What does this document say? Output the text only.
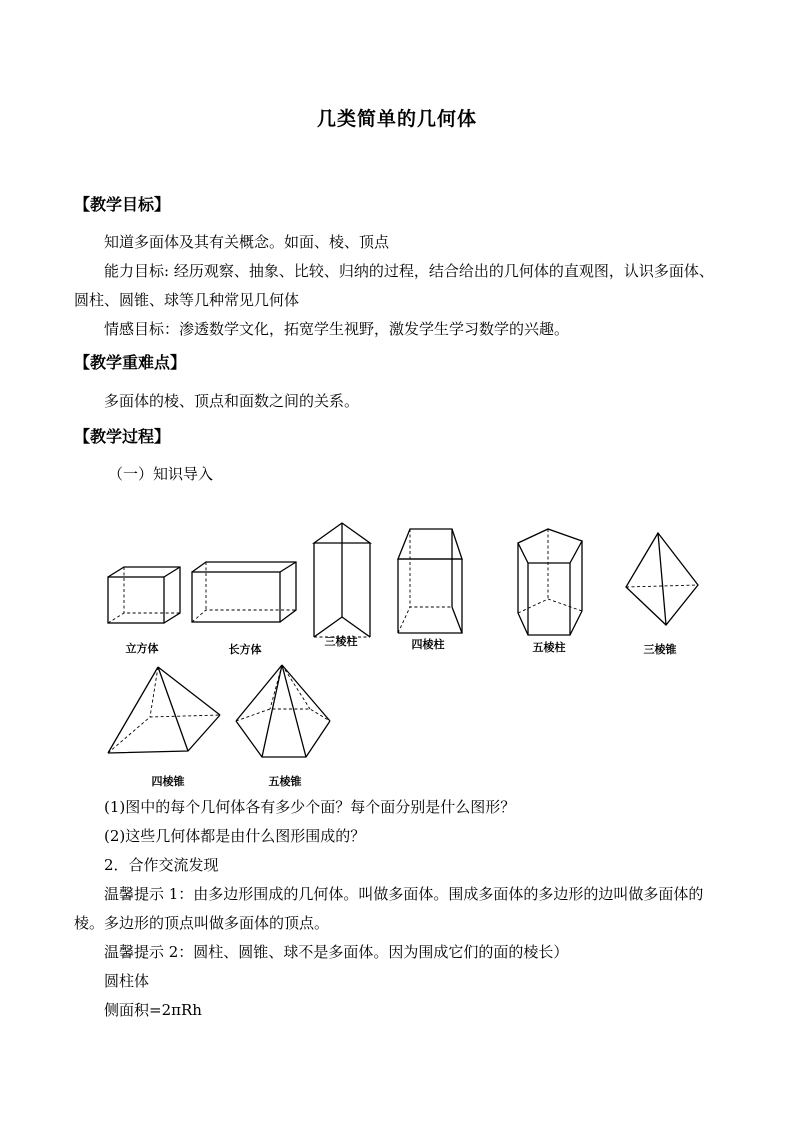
几类简单的几何体
【教学目标】
知道多面体及其有关概念。如面、棱、顶点
能力目标: 经历观察、抽象、比较、归纳的过程，结合给出的几何体的直观图，认识多面体、圆柱、圆锥、球等几种常见几何体
情感目标：渗透数学文化，拓宽学生视野，激发学生学习数学的兴趣。
【教学重难点】
多面体的棱、顶点和面数之间的关系。
【教学过程】
（一）知识导入
立方体	长方体
三棱柱	四棱柱	五棱柱	三棱锥
四棱锥	五棱锥
(1)图中的每个几何体各有多少个面？每个面分别是什么图形？
(2)这些几何体都是由什么图形围成的？
2．合作交流发现
温馨提示 1：由多边形围成的几何体。叫做多面体。围成多面体的多边形的边叫做多面体的棱。多边形的顶点叫做多面体的顶点。
温馨提示 2：圆柱、圆锥、球不是多面体。因为围成它们的面的棱长）
圆柱体
侧面积=2πRh
